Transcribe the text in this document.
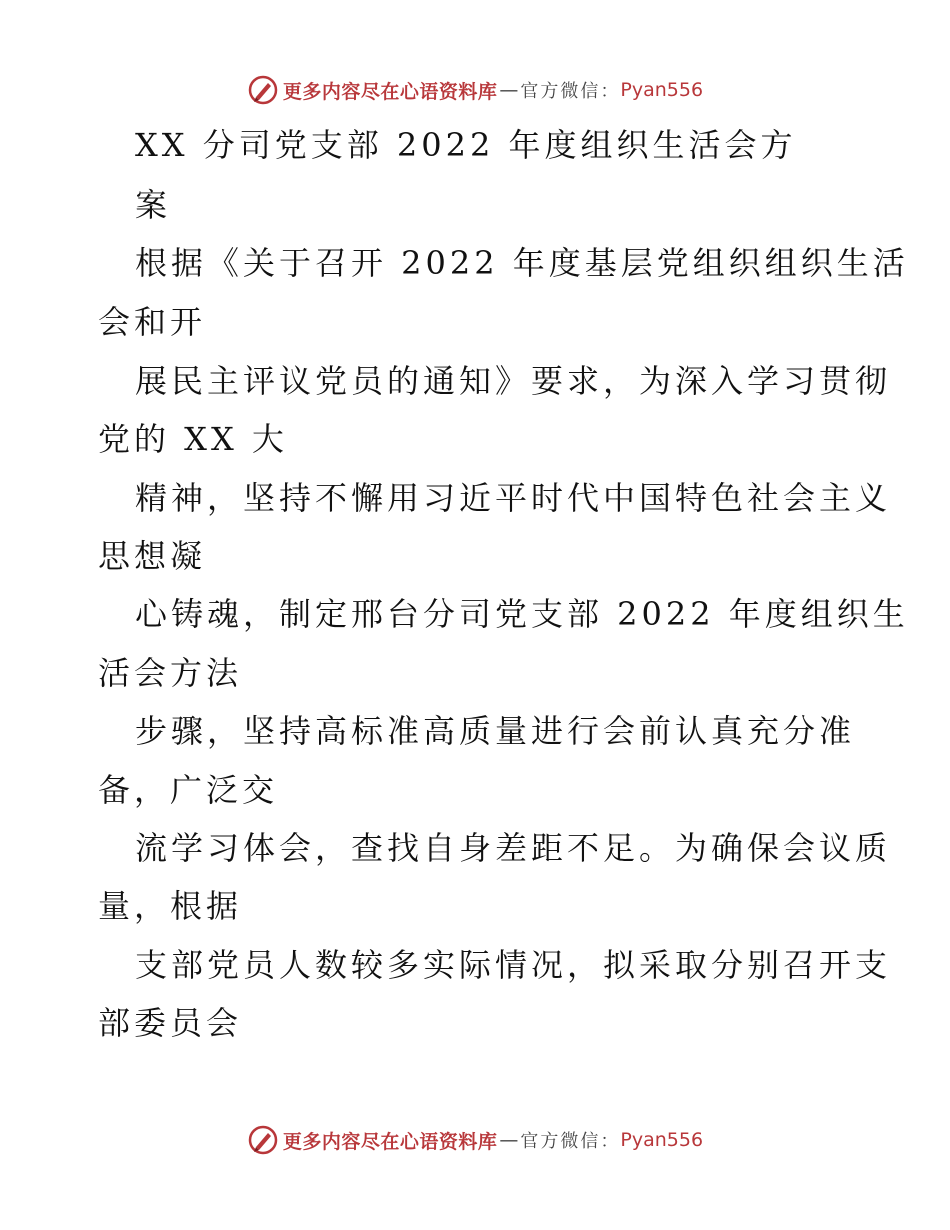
更多内容尽在心语资料库 — 官方微信： Pyan556
XX 分司党支部 2022 年度组织生活会方
案
根据《关于召开 2022 年度基层党组织组织生活
会和开
展民主评议党员的通知》要求，为深入学习贯彻
党的 XX 大
精神，坚持不懈用习近平时代中国特色社会主义
思想凝
心铸魂，制定邢台分司党支部 2022 年度组织生
活会方法
步骤，坚持高标准高质量进行会前认真充分准
备，广泛交
流学习体会，查找自身差距不足。为确保会议质
量，根据
支部党员人数较多实际情况，拟采取分别召开支
部委员会
更多内容尽在心语资料库 — 官方微信： Pyan556
